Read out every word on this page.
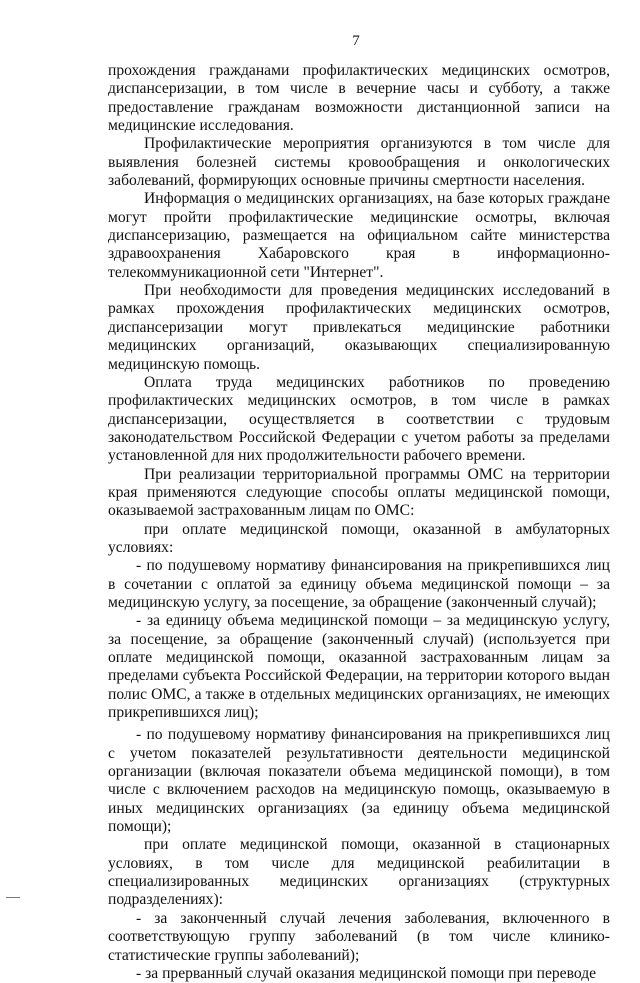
7

прохождения гражданами профилактических медицинских осмотров, диспансеризации, в том числе в вечерние часы и субботу, а также предоставление гражданам возможности дистанционной записи на медицинские исследования.

Профилактические мероприятия организуются в том числе для выявления болезней системы кровообращения и онкологических заболеваний, формирующих основные причины смертности населения.

Информация о медицинских организациях, на базе которых граждане могут пройти профилактические медицинские осмотры, включая диспансеризацию, размещается на официальном сайте министерства здравоохранения Хабаровского края в информационно-телекоммуникационной сети "Интернет".

При необходимости для проведения медицинских исследований в рамках прохождения профилактических медицинских осмотров, диспансеризации могут привлекаться медицинские работники медицинских организаций, оказывающих специализированную медицинскую помощь.

Оплата труда медицинских работников по проведению профилактических медицинских осмотров, в том числе в рамках диспансеризации, осуществляется в соответствии с трудовым законодательством Российской Федерации с учетом работы за пределами установленной для них продолжительности рабочего времени.

При реализации территориальной программы ОМС на территории края применяются следующие способы оплаты медицинской помощи, оказываемой застрахованным лицам по ОМС:

при оплате медицинской помощи, оказанной в амбулаторных условиях:

- по подушевому нормативу финансирования на прикрепившихся лиц в сочетании с оплатой за единицу объема медицинской помощи – за медицинскую услугу, за посещение, за обращение (законченный случай);

- за единицу объема медицинской помощи – за медицинскую услугу, за посещение, за обращение (законченный случай) (используется при оплате медицинской помощи, оказанной застрахованным лицам за пределами субъекта Российской Федерации, на территории которого выдан полис ОМС, а также в отдельных медицинских организациях, не имеющих прикрепившихся лиц);

- по подушевому нормативу финансирования на прикрепившихся лиц с учетом показателей результативности деятельности медицинской организации (включая показатели объема медицинской помощи), в том числе с включением расходов на медицинскую помощь, оказываемую в иных медицинских организациях (за единицу объема медицинской помощи);

при оплате медицинской помощи, оказанной в стационарных условиях, в том числе для медицинской реабилитации в специализированных медицинских организациях (структурных подразделениях):

- за законченный случай лечения заболевания, включенного в соответствующую группу заболеваний (в том числе клинико-статистические группы заболеваний);

- за прерванный случай оказания медицинской помощи при переводе
